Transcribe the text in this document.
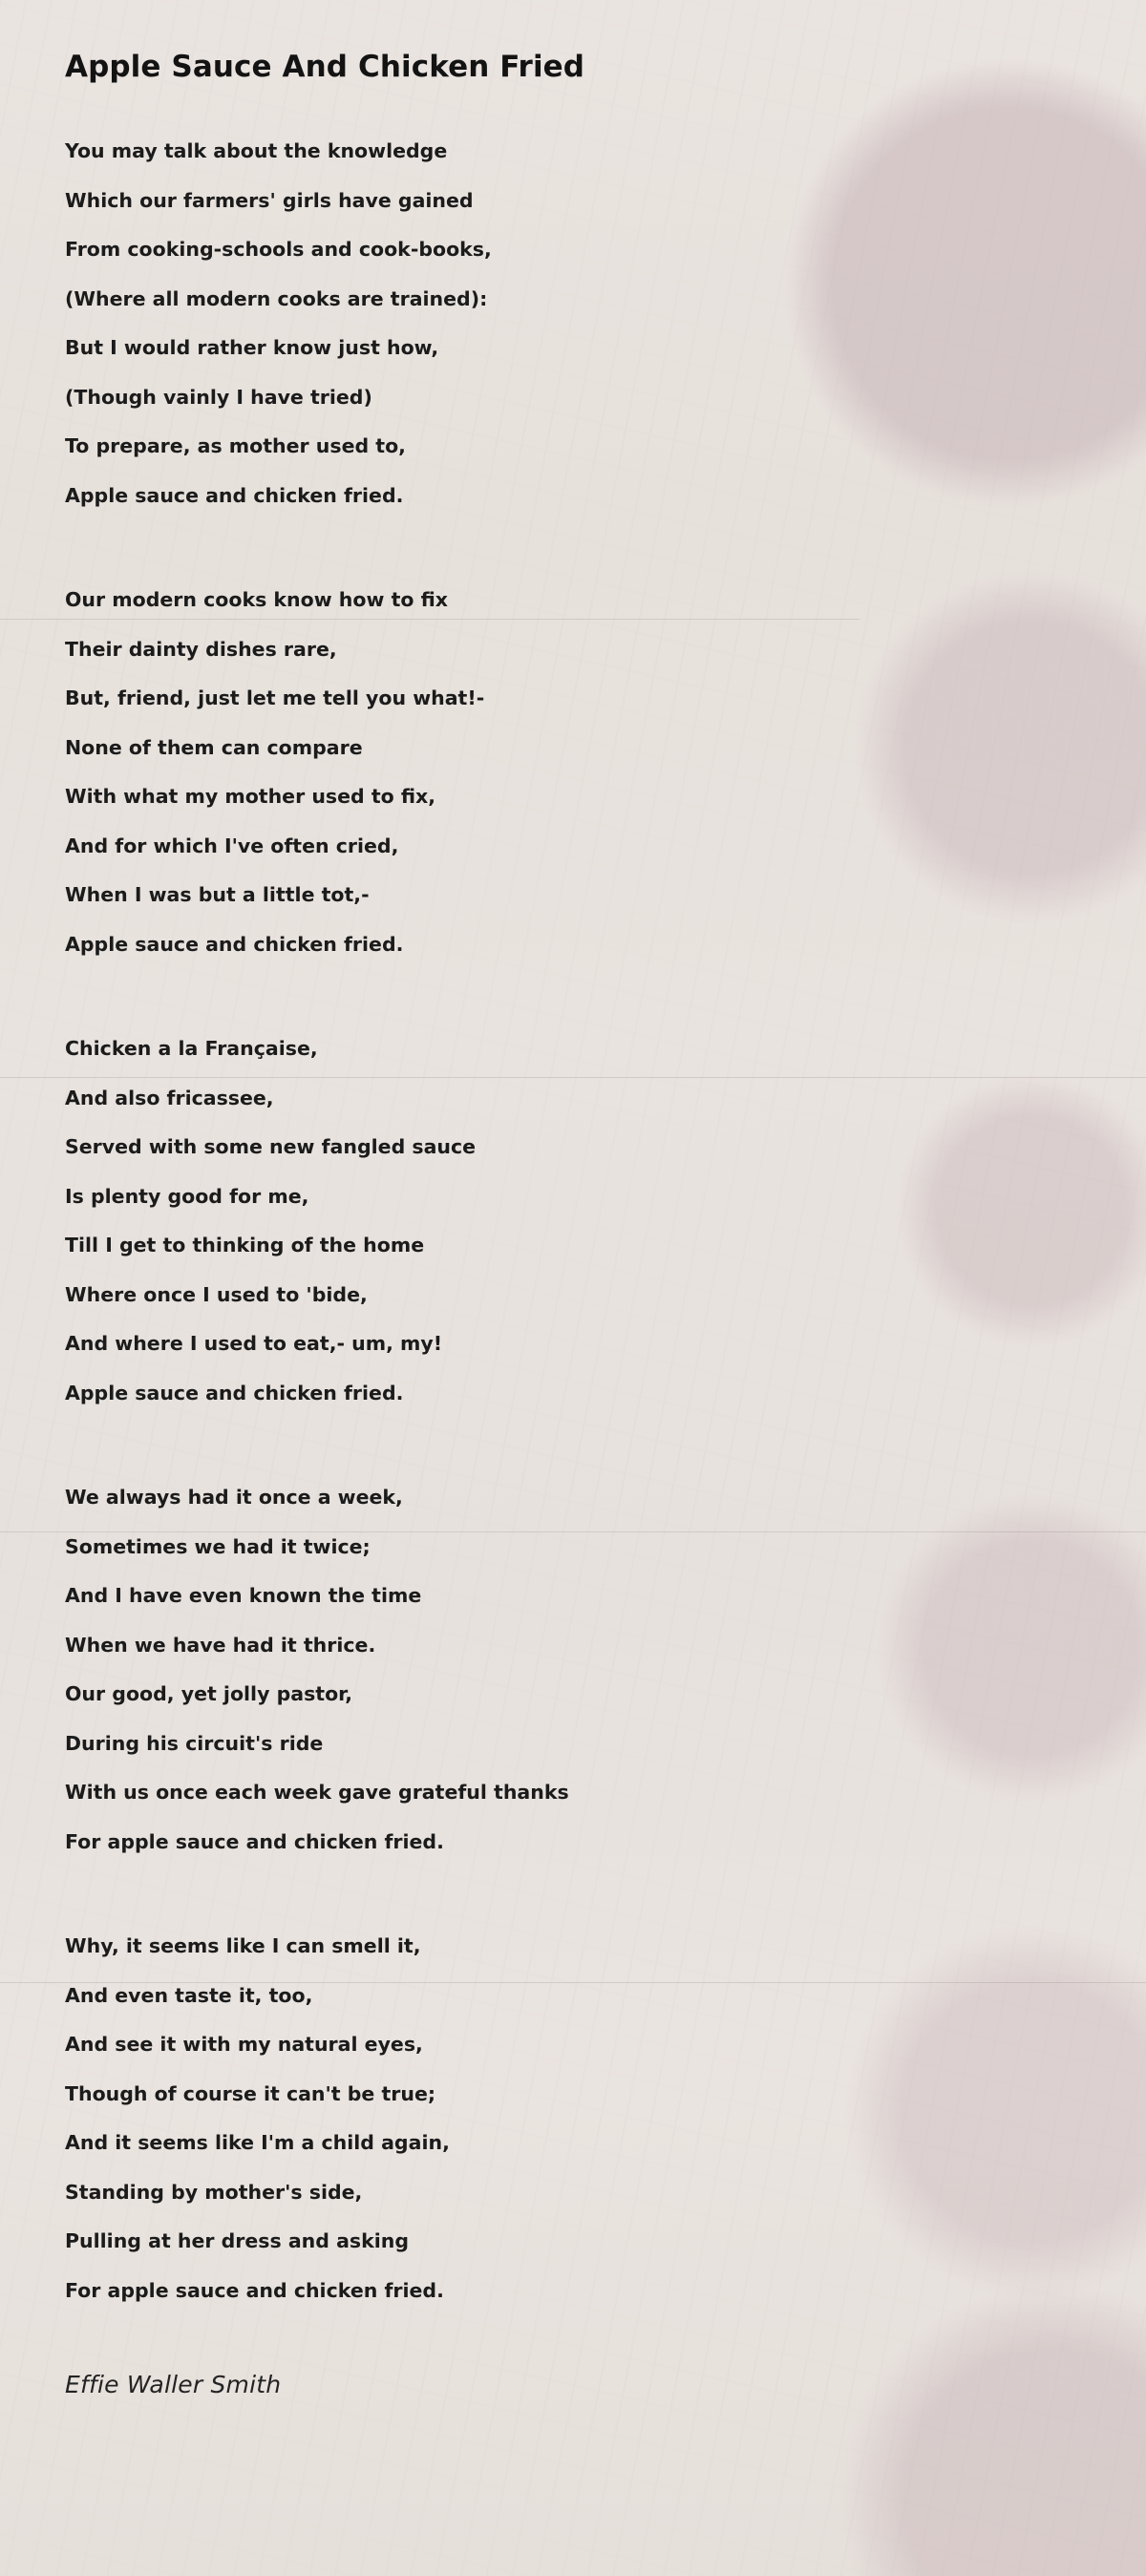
Apple Sauce And Chicken Fried
You may talk about the knowledge
Which our farmers' girls have gained
From cooking-schools and cook-books,
(Where all modern cooks are trained):
But I would rather know just how,
(Though vainly I have tried)
To prepare, as mother used to,
Apple sauce and chicken fried.
Our modern cooks know how to fix
Their dainty dishes rare,
But, friend, just let me tell you what!-
None of them can compare
With what my mother used to fix,
And for which I've often cried,
When I was but a little tot,-
Apple sauce and chicken fried.
Chicken a la Française,
And also fricassee,
Served with some new fangled sauce
Is plenty good for me,
Till I get to thinking of the home
Where once I used to 'bide,
And where I used to eat,- um, my!
Apple sauce and chicken fried.
We always had it once a week,
Sometimes we had it twice;
And I have even known the time
When we have had it thrice.
Our good, yet jolly pastor,
During his circuit's ride
With us once each week gave grateful thanks
For apple sauce and chicken fried.
Why, it seems like I can smell it,
And even taste it, too,
And see it with my natural eyes,
Though of course it can't be true;
And it seems like I'm a child again,
Standing by mother's side,
Pulling at her dress and asking
For apple sauce and chicken fried.
Effie Waller Smith
